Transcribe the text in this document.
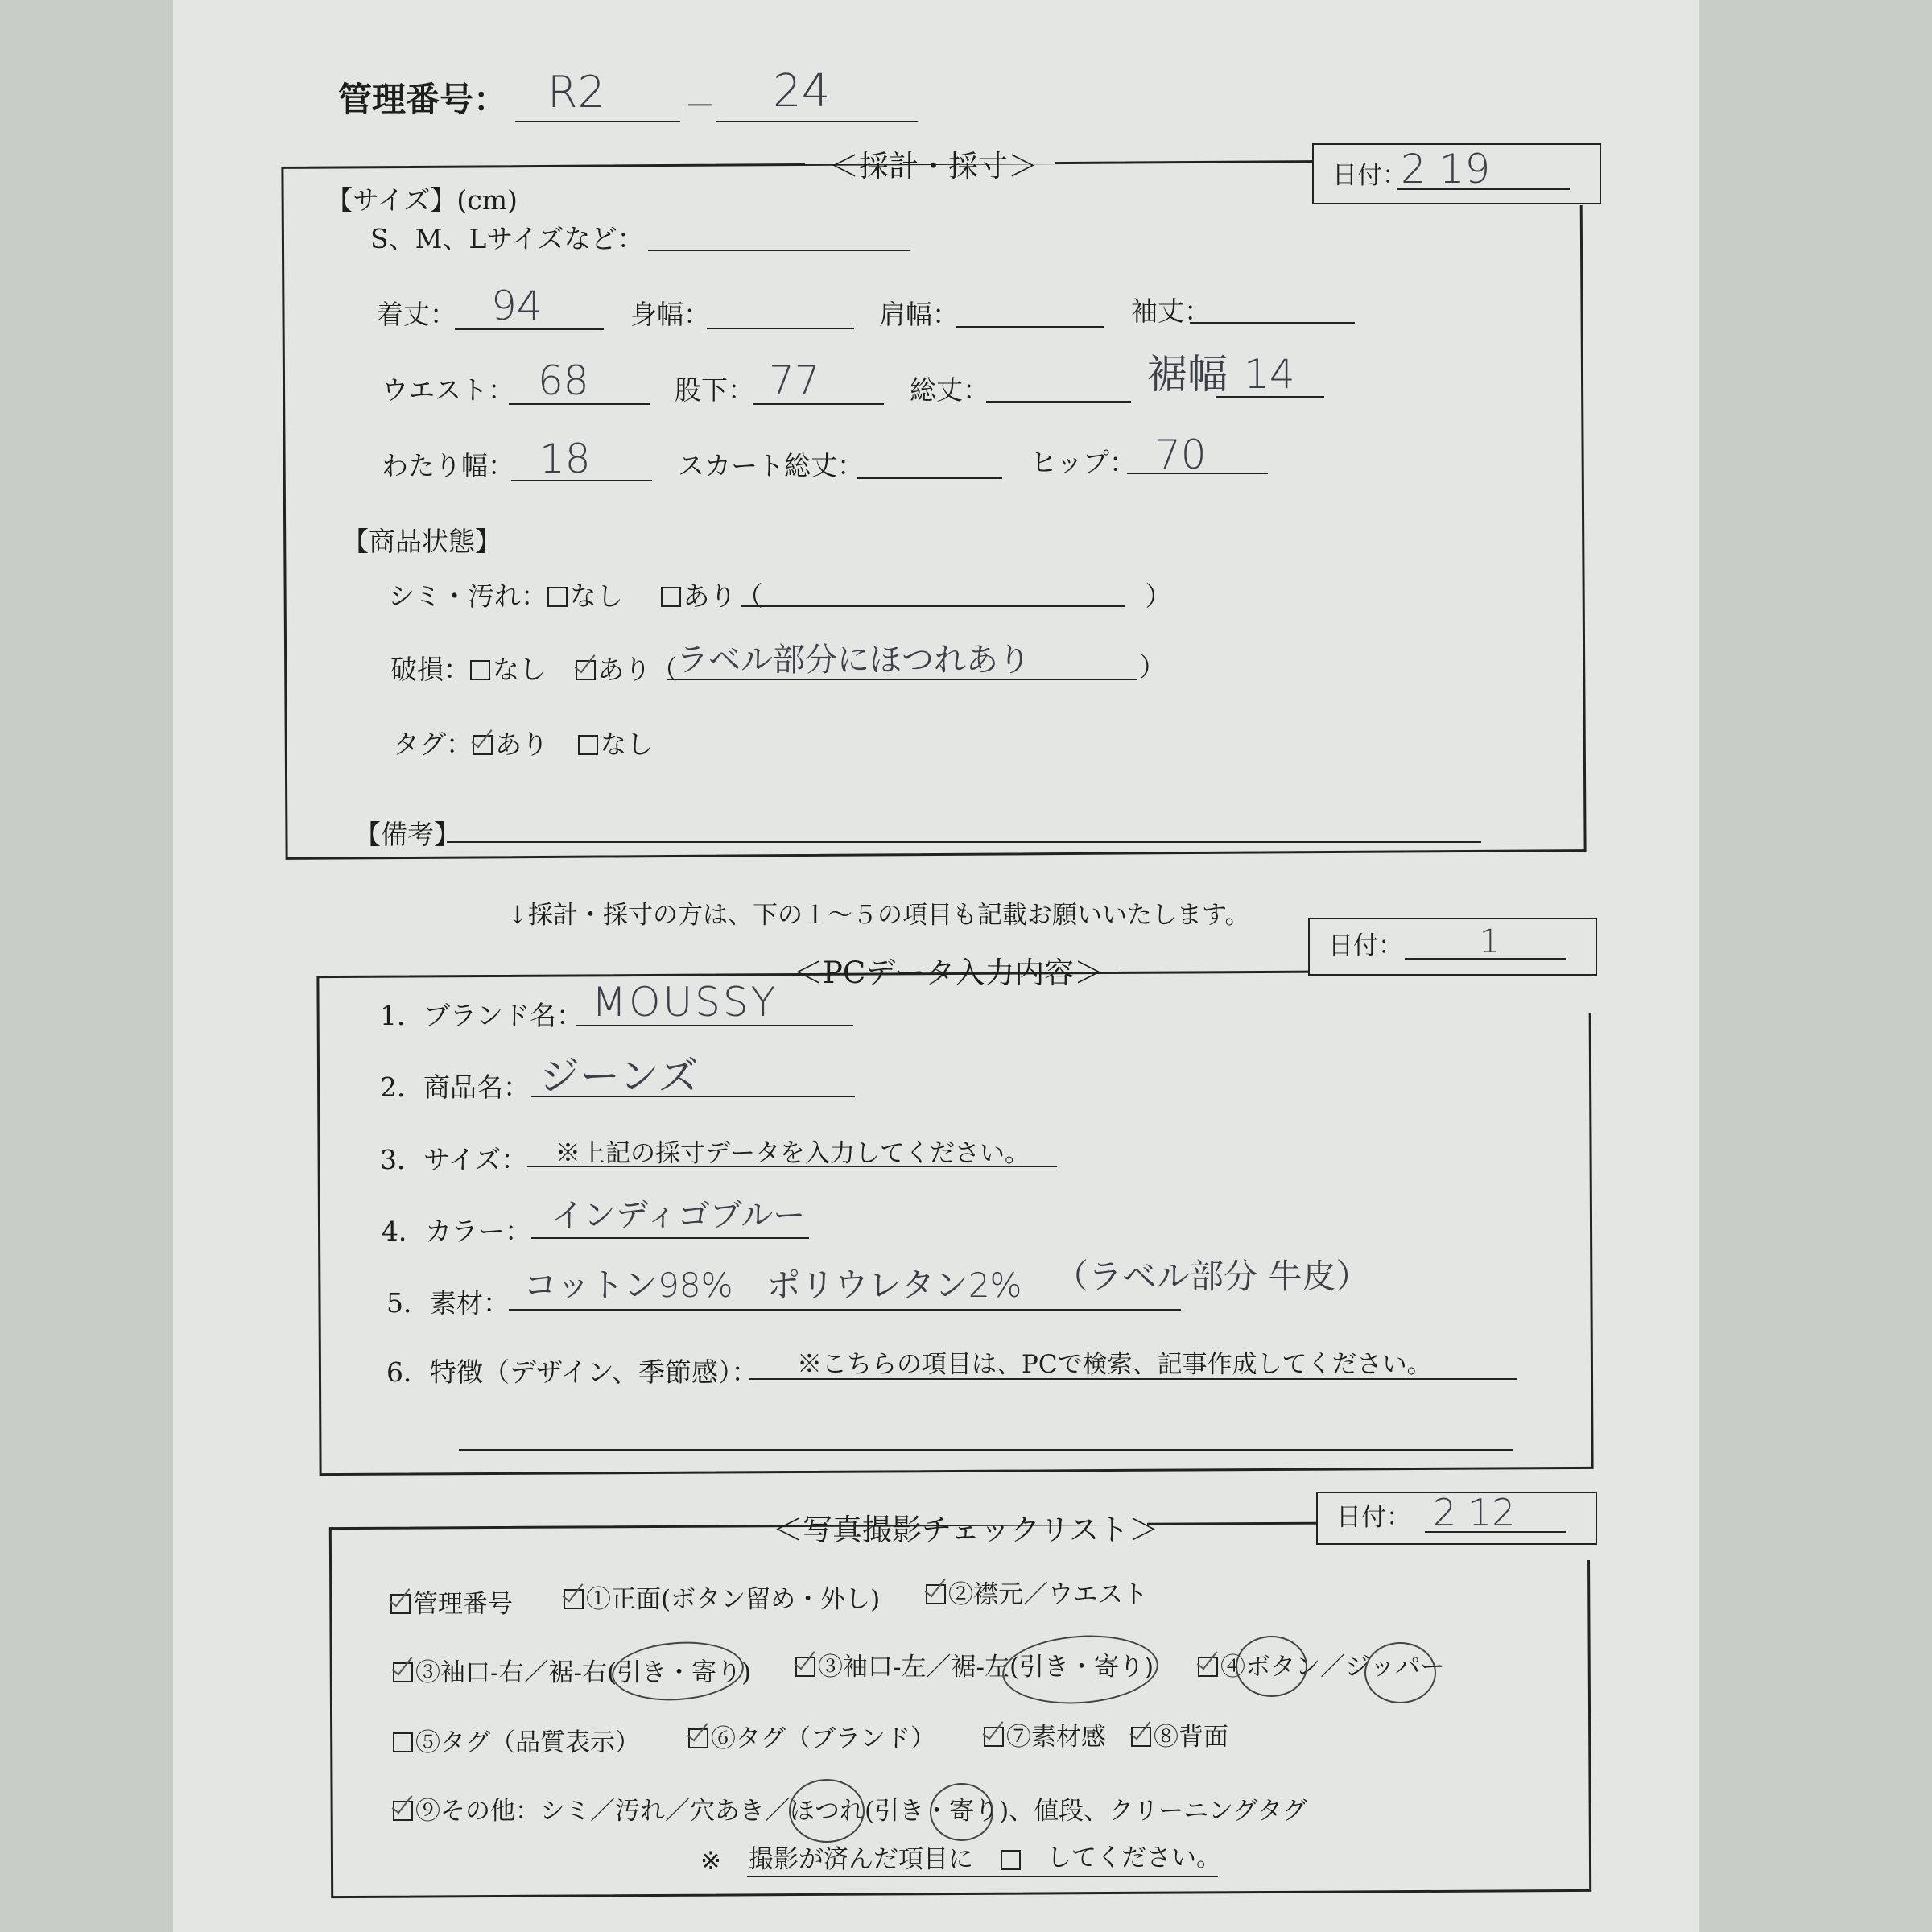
管理番号： R2 － 24
＜採計・採寸＞	日付：
2 19
【サイズ】(cm)
S、M、Lサイズなど：
着丈： 94	身幅：	肩幅：	袖丈：
ウエスト： 68	股下： 77	総丈：	裾幅 14
わたり幅： 18	スカート総丈：	ヒップ： 70
【商品状態】
シミ・汚れ： なし あり（	）
破損： なし あり（
ラベル部分にほつれあり	）
タグ： あり なし
【備考】
↓採計・採寸の方は、下の１～５の項目も記載お願いいたします。
＜PCデータ入力内容＞
日付： 1
1．ブランド名： MOUSSY
2．商品名： ジーンズ
3．サイズ： ※上記の採寸データを入力してください。
4．カラー： インディゴブルー
5．素材： コットン98%　ポリウレタン2% （ラベル部分 牛皮）
6．特徴（デザイン、季節感）： ※こちらの項目は、PCで検索、記事作成してください。
＜写真撮影チェックリスト＞	日付： 2 12
管理番号	①正面(ボタン留め・外し)	②襟元／ウエスト
③袖口-右／裾-右(引き・寄り)	③袖口-左／裾-左(引き・寄り)	④ボタン／ジッパー
⑤タグ（品質表示）	⑥タグ（ブランド）	⑦素材感	⑧背面
⑨その他：シミ／汚れ／穴あき／ほつれ(引き・寄り)、値段、クリーニングタグ
※ 撮影が済んだ項目に	してください。
